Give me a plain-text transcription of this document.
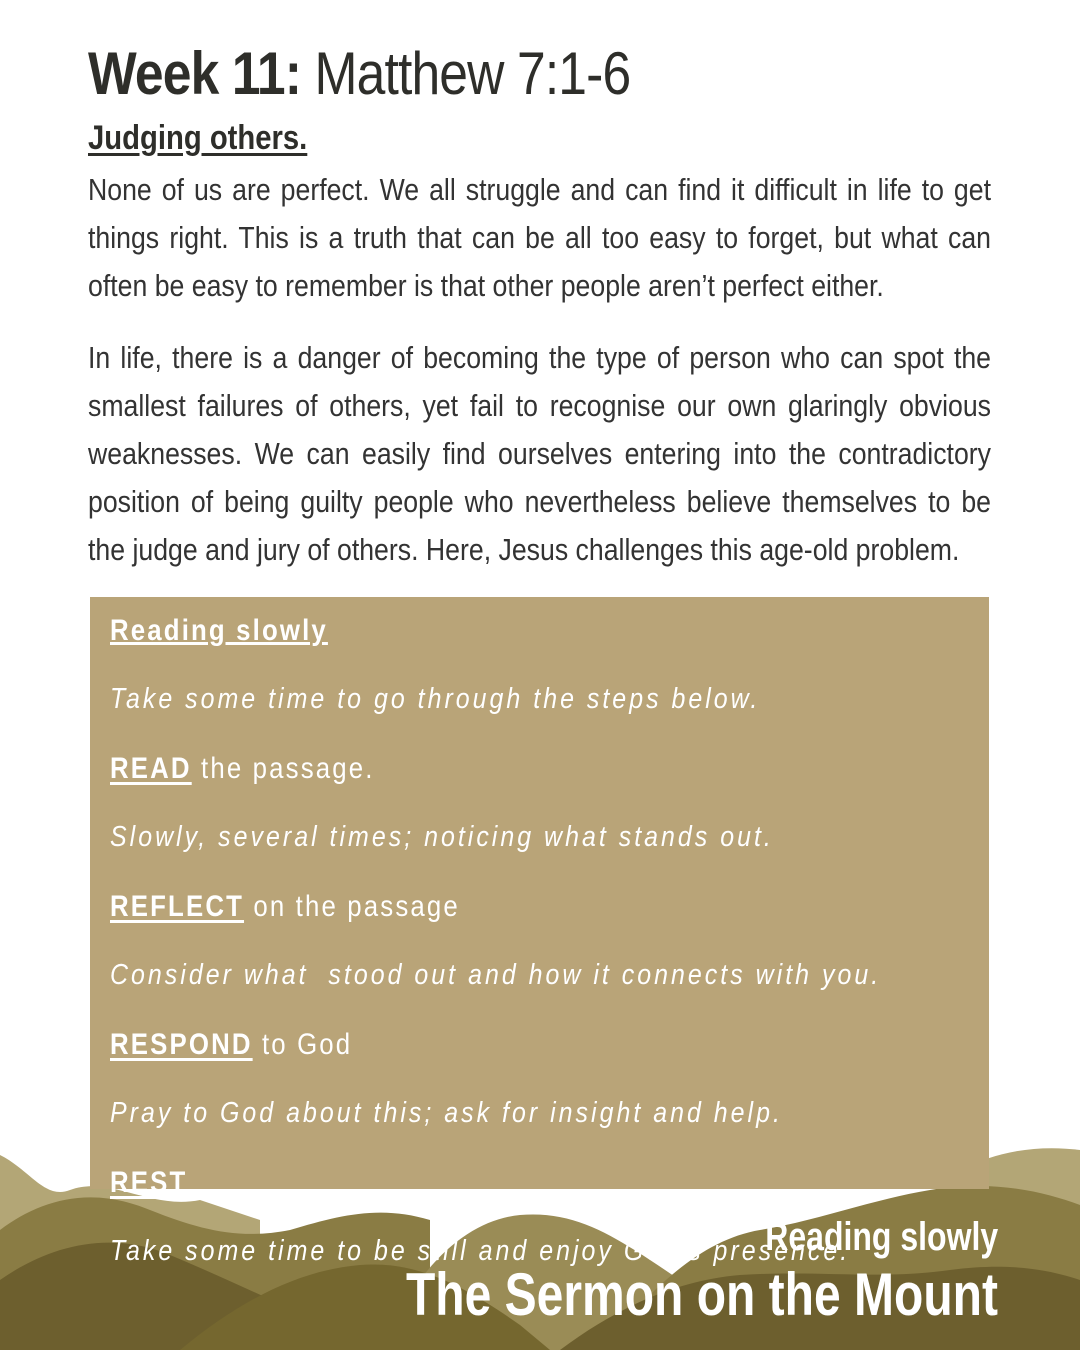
Week 11: Matthew 7:1-6
Judging others.

None of us are perfect. We all struggle and can find it difficult in life to get things right. This is a truth that can be all too easy to forget, but what can often be easy to remember is that other people aren’t perfect either.

In life, there is a danger of becoming the type of person who can spot the smallest failures of others, yet fail to recognise our own glaringly obvious weaknesses. We can easily find ourselves entering into the contradictory position of being guilty people who nevertheless believe themselves to be the judge and jury of others. Here, Jesus challenges this age-old problem.

Reading slowly
Take some time to go through the steps below.
READ the passage.
Slowly, several times; noticing what stands out.
REFLECT on the passage
Consider what  stood out and how it connects with you.
RESPOND to God
Pray to God about this; ask for insight and help.
REST
Take some time to be still and enjoy God’s presence.
Reading slowly
The Sermon on the Mount
